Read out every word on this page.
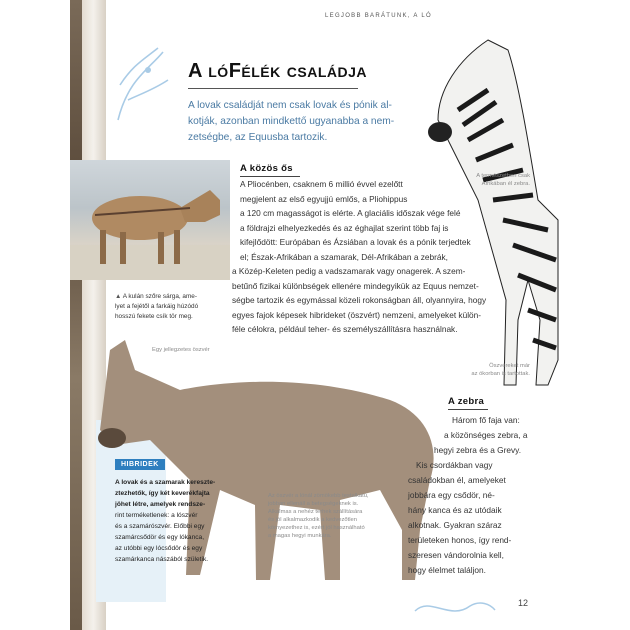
LEGJOBB BARÁTUNK, A LÓ
A lóFélék családja
A lovak családját nem csak lovak és pónik al-
kotják, azonban mindkettő ugyanabba a nem-
zetségbe, az Equusba tartozik.
A közös ős
A Pliocénben, csaknem 6 millió évvel ezelőtt
megjelent az első egyujjú emlős, a Pliohippus
a 120 cm magasságot is elérte. A glaciális időszak vége felé
a földrajzi elhelyezkedés és az éghajlat szerint több faj is
kifejlődött: Európában és Ázsiában a lovak és a pónik terjedtek
el; Észak-Afrikában a szamarak, Dél-Afrikában a zebrák,
a Közép-Keleten pedig a vadszamarak vagy onagerek. A szem-
betűnő fizikai különbségek ellenére mindegyikük az Equus nemzet-
ségbe tartozik és egymással közeli rokonságban áll, olyannyira, hogy
egyes fajok képesek hibrideket (öszvért) nemzeni, amelyeket külön-
féle célokra, például teher- és személyszállításra használnak.
▲ A kulán szőre sárga, ame-
lyet a fejétől a farkáig húzódó
hosszú fekete csík tör meg.
A természetben csak
Afrikában él zebra.
Öszvéreket már
az ókorban is tartottak.
Egy jellegzetes öszvér
Az öszvér a lónál zömökebb testalkatú,
jobban ellenáll a betegségeknek is.
Alkalmas a nehéz terhek szállítására
és jól alkalmazkodik a kedvezőtlen
környezethez is, ezért jól használható
a magas hegyi munkára.
HIBRIDEK
A lovak és a szamarak kereszte-
ztezhetők, így két keverékfajta
jöhet létre, amelyek rendsze-
rint terméketlenek: a lószvér
és a szamárószvér. Előbbi egy
szamárcsődör és egy lókanca,
az utóbbi egy lócsődör és egy
szamárkanca nászából születik.
A zebra
Három fő faja van:
a közönséges zebra, a
hegyi zebra és a Grevy.
Kis csordákban vagy
családokban él, amelyeket
jobbára egy csődör, né-
hány kanca és az utódaik
alkotnak. Gyakran száraz
területeken honos, így rend-
szeresen vándorolnia kell,
hogy élelmet találjon.
12
